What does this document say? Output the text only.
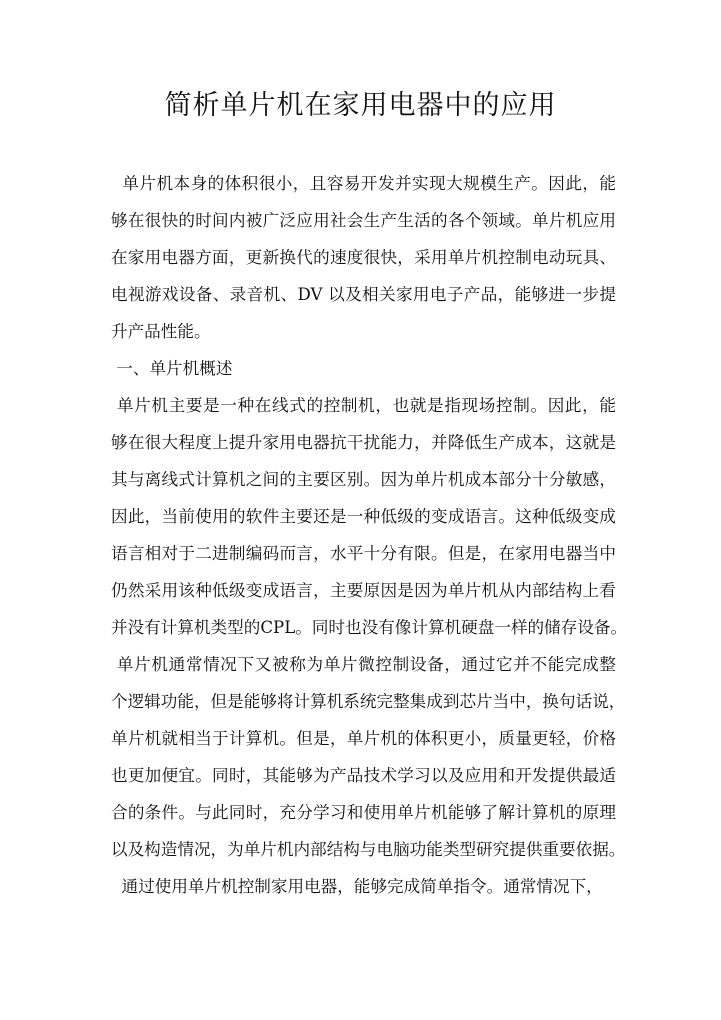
简析单片机在家用电器中的应用
单片机本身的体积很小，且容易开发并实现大规模生产。因此，能
够在很快的时间内被广泛应用社会生产生活的各个领域。单片机应用
在家用电器方面，更新换代的速度很快，采用单片机控制电动玩具、
电视游戏设备、录音机、DV 以及相关家用电子产品，能够进一步提
升产品性能。
一、单片机概述
单片机主要是一种在线式的控制机，也就是指现场控制。因此，能
够在很大程度上提升家用电器抗干扰能力，并降低生产成本，这就是
其与离线式计算机之间的主要区别。因为单片机成本部分十分敏感，
因此，当前使用的软件主要还是一种低级的变成语言。这种低级变成
语言相对于二进制编码而言，水平十分有限。但是，在家用电器当中
仍然采用该种低级变成语言，主要原因是因为单片机从内部结构上看
并没有计算机类型的CPL。同时也没有像计算机硬盘一样的储存设备。
单片机通常情况下又被称为单片微控制设备，通过它并不能完成整
个逻辑功能，但是能够将计算机系统完整集成到芯片当中，换句话说，
单片机就相当于计算机。但是，单片机的体积更小，质量更轻，价格
也更加便宜。同时，其能够为产品技术学习以及应用和开发提供最适
合的条件。与此同时，充分学习和使用单片机能够了解计算机的原理
以及构造情况，为单片机内部结构与电脑功能类型研究提供重要依据。
通过使用单片机控制家用电器，能够完成简单指令。通常情况下，
